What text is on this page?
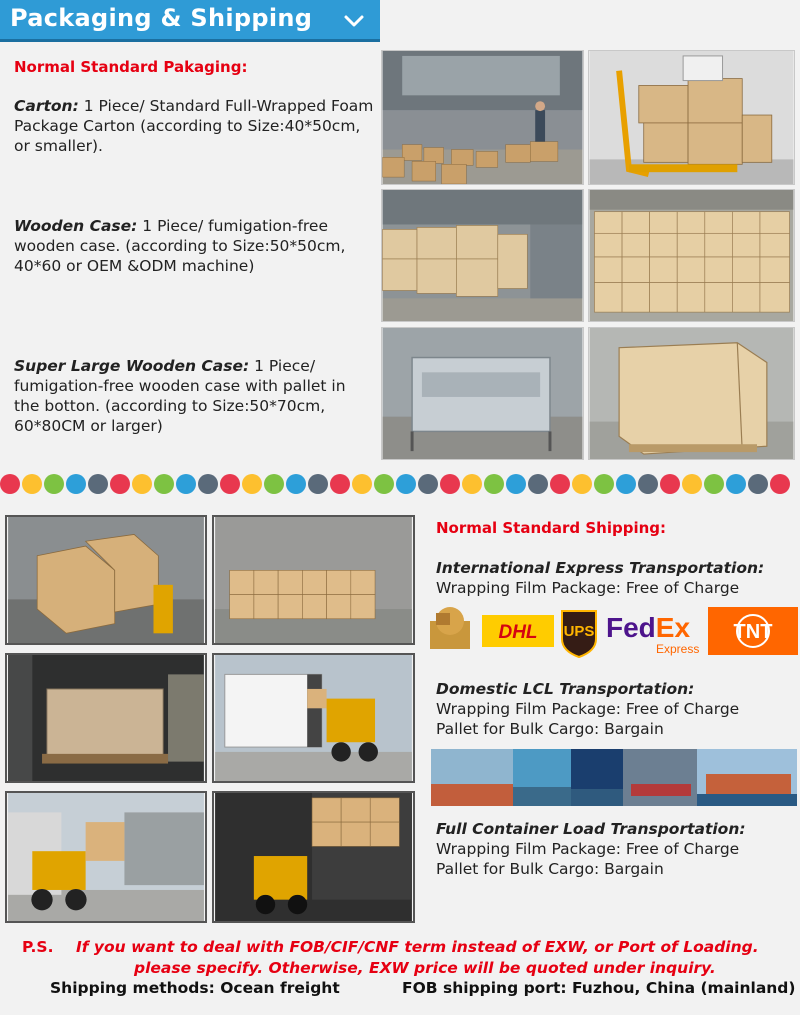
Packaging & Shipping
Normal Standard Pakaging:
Carton: 1 Piece/ Standard Full-Wrapped Foam Package Carton (according to Size:40*50cm, or smaller).
Wooden Case: 1 Piece/ fumigation-free wooden case. (according to Size:50*50cm, 40*60 or OEM &ODM machine)
Super Large Wooden Case: 1 Piece/ fumigation-free wooden case with pallet in the botton. (according to Size:50*70cm, 60*80CM or larger)
Normal Standard Shipping:
International Express Transportation:
Wrapping Film Package: Free of Charge
DHL UPS FedEx
Express
TNT
Domestic LCL Transportation:
Wrapping Film Package: Free of Charge
Pallet for Bulk Cargo: Bargain
Full Container Load Transportation:
Wrapping Film Package: Free of Charge
Pallet for Bulk Cargo: Bargain
P.S. If you want to deal with FOB/CIF/CNF term instead of EXW, or Port of Loading.
please specify. Otherwise, EXW price will be quoted under inquiry.
Shipping methods: Ocean freight	FOB shipping port: Fuzhou, China (mainland)
